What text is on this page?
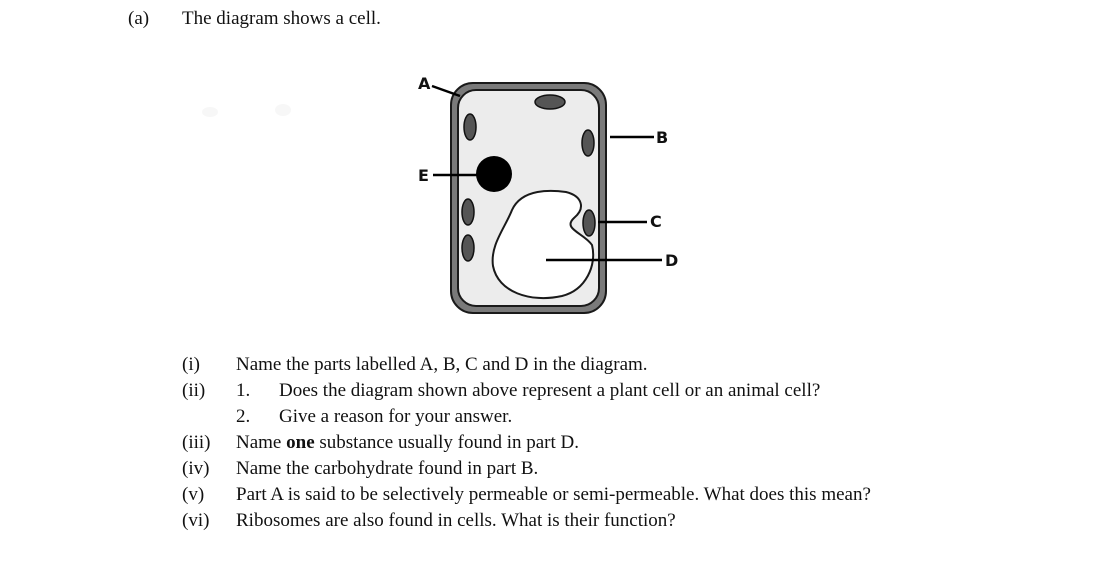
(a) The diagram shows a cell.
A
B
C
D
E
(i) Name the parts labelled A, B, C and D in the diagram.
(ii) 1. Does the diagram shown above represent a plant cell or an animal cell?
2. Give a reason for your answer.
(iii) Name one substance usually found in part D.
(iv) Name the carbohydrate found in part B.
(v) Part A is said to be selectively permeable or semi-permeable. What does this mean?
(vi) Ribosomes are also found in cells. What is their function?
